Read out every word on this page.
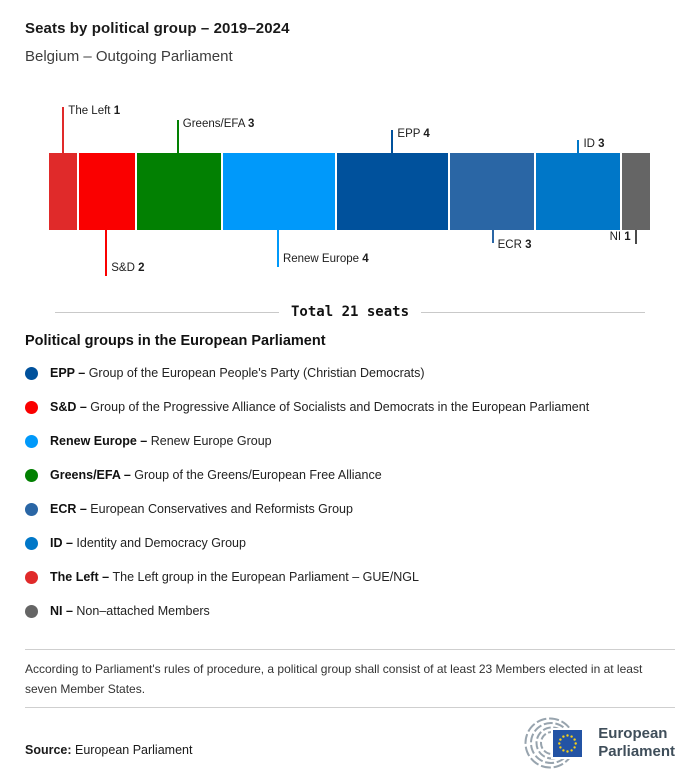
Seats by political group – 2019–2024
Belgium – Outgoing Parliament
The Left 1
S&D 2
Greens/EFA 3
Renew Europe 4
EPP 4
ECR 3
ID 3
NI 1
Total 21 seats
Political groups in the European Parliament
EPP – Group of the European People's Party (Christian Democrats)
S&D – Group of the Progressive Alliance of Socialists and Democrats in the European Parliament
Renew Europe – Renew Europe Group
Greens/EFA – Group of the Greens/European Free Alliance
ECR – European Conservatives and Reformists Group
ID – Identity and Democracy Group
The Left – The Left group in the European Parliament – GUE/NGL
NI – Non–attached Members
According to Parliament's rules of procedure, a political group shall consist of at least 23 Members elected in at least seven Member States.
Source: European Parliament
European
Parliament
